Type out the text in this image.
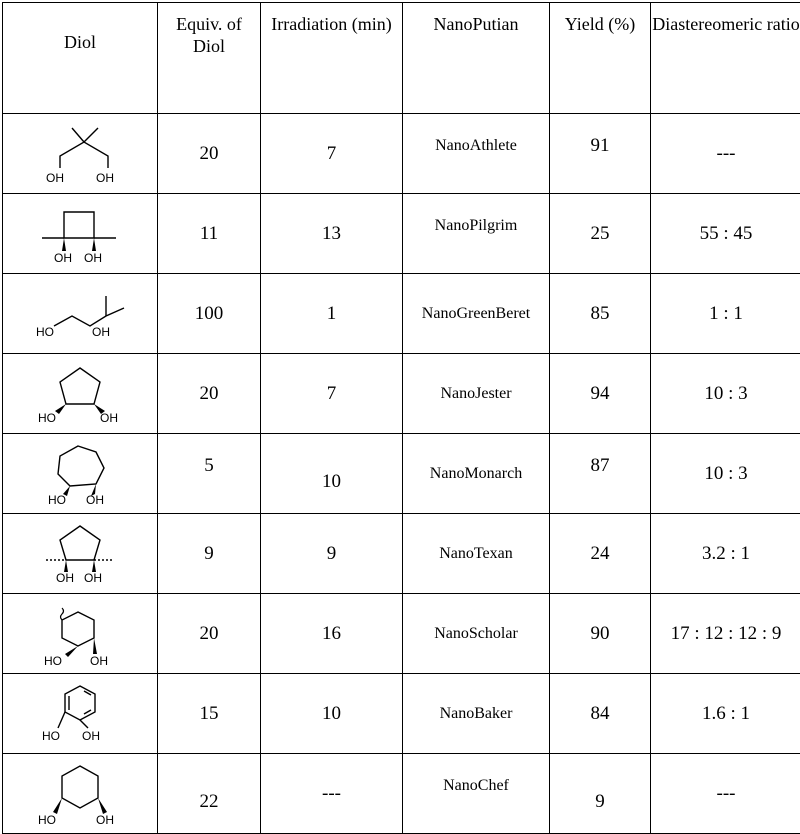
Diol	Equiv. of Diol	Irradiation (min)	NanoPutian	Yield (%)	Diastereomeric ratio

OH OH	20	7	NanoAthlete	91	---

OH OH	11	13	NanoPilgrim	25	55 : 45

HO OH	100	1	NanoGreenBeret	85	1 : 1

HO OH	20	7	NanoJester	94	10 : 3

HO OH	5	10	NanoMonarch	87	10 : 3

OH OH	9	9	NanoTexan	24	3.2 : 1

HO OH	20	16	NanoScholar	90	17 : 12 : 12 : 9

HO OH	15	10	NanoBaker	84	1.6 : 1

HO OH	22	---	NanoChef	9	---
